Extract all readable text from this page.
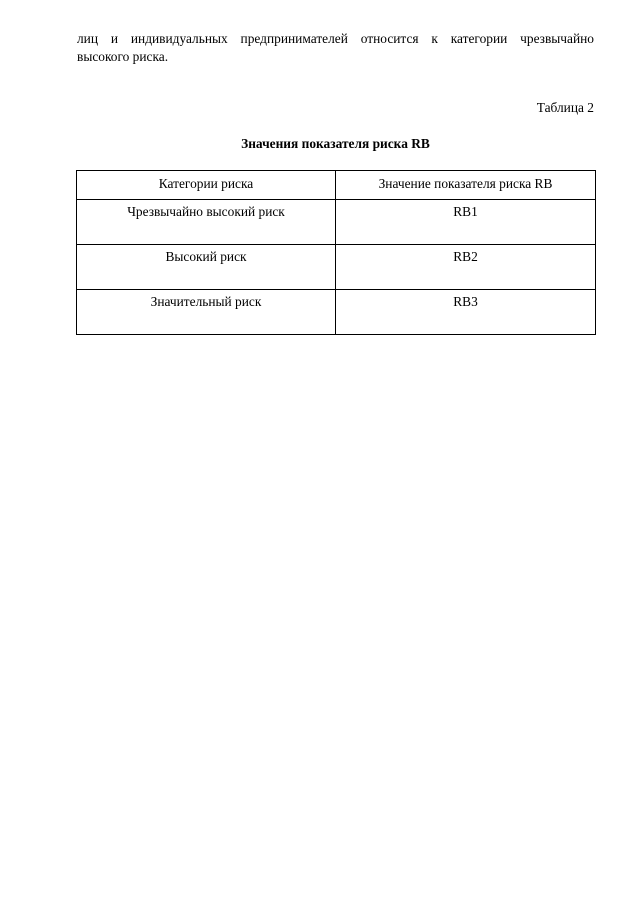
лиц и индивидуальных предпринимателей относится к категории чрезвычайно
высокого риска.
Таблица 2
Значения показателя риска RB
Категории риска	Значение показателя риска RB
Чрезвычайно высокий риск	RB1
Высокий риск	RB2
Значительный риск	RB3
